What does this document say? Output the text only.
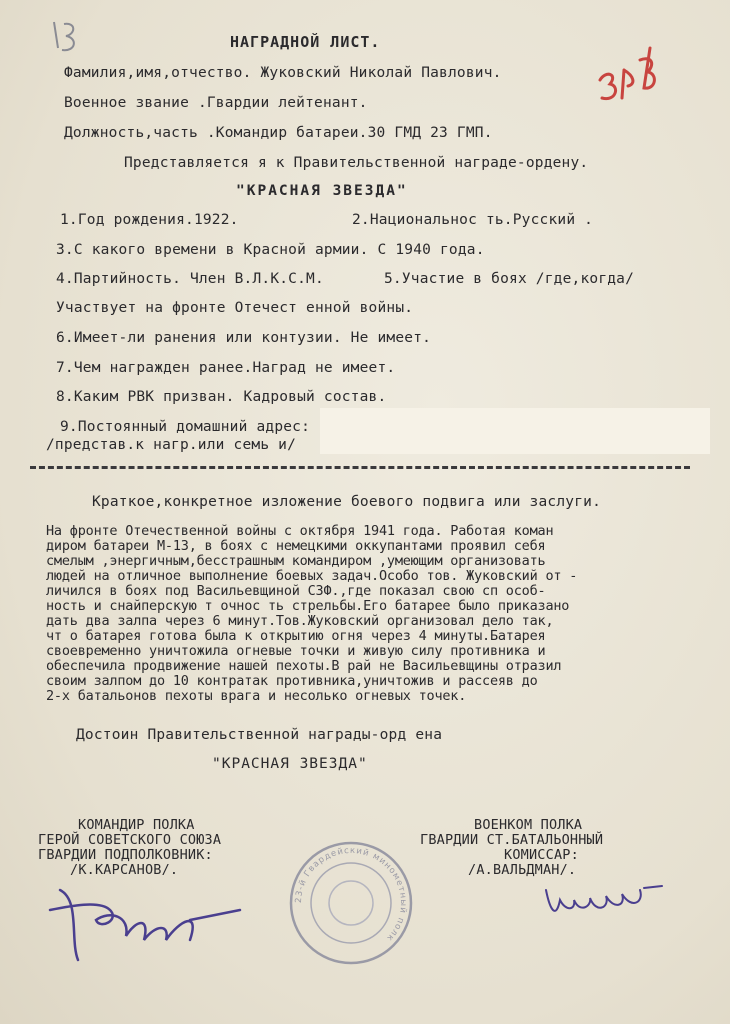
НАГРАДНОЙ ЛИСТ.
Фамилия,имя,отчество. Жуковский Николай Павлович.
Военное звание .Гвардии лейтенант.
Должность,часть .Командир батареи.30 ГМД 23 ГМП.
Представляется я к Правительственной награде-ордену.
"КРАСНАЯ ЗВЕЗДА"
1.Год рождения.1922.	2.Национальнос ть.Русский .
3.С какого времени в Красной армии. С 1940 года.
4.Партийность. Член В.Л.К.С.М.	5.Участие в боях /где,когда/
Участвует на фронте Отечест енной войны.
6.Имеет-ли ранения или контузии. Не имеет.
7.Чем награжден ранее.Наград не имеет.
8.Каким РВК призван. Кадровый состав.
9.Постоянный домашний адрес:
/представ.к нагр.или семь и/
Краткое,конкретное изложение боевого подвига или заслуги.
На фронте Отечественной войны с октября 1941 года. Работая коман
диром батареи М-13, в боях с немецкими оккупантами проявил себя
смелым ,энергичным,бесстрашным командиром ,умеющим организовать
людей на отличное выполнение боевых задач.Особо тов. Жуковский от -
личился в боях под Васильевщиной СЗФ.,где показал свою сп особ-
ность и снайперскую т очнос ть стрельбы.Его батарее было приказано
дать два залпа через 6 минут.Тов.Жуковский организовал дело так,
чт о батарея готова была к открытию огня через 4 минуты.Батарея
своевременно уничтожила огневые точки и живую силу противника и
обеспечила продвижение нашей пехоты.В рай не Васильевщины отразил
своим залпом до 10 контратак противника,уничтожив и рассеяв до
2-х батальонов пехоты врага и несолько огневых точек.
Достоин Правительственной награды-орд ена
"КРАСНАЯ ЗВЕЗДА"
КОМАНДИР ПОЛКА
ГЕРОЙ СОВЕТСКОГО СОЮЗА
ГВАРДИИ ПОДПОЛКОВНИК:
/К.КАРСАНОВ/.
ВОЕНКОМ ПОЛКА
ГВАРДИИ СТ.БАТАЛЬОННЫЙ
КОМИССАР:
/А.ВАЛЬДМАН/.
23-й Гвардейский минометный полк
